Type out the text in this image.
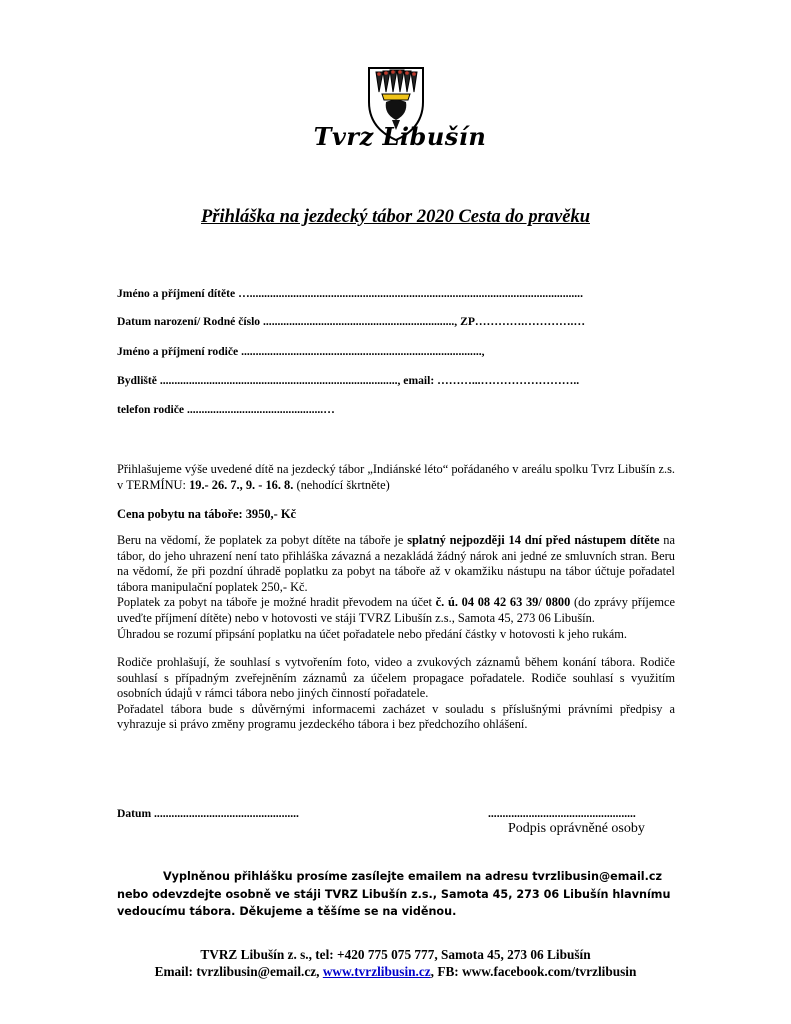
Tvrz Libušín
Přihláška na jezdecký tábor 2020 Cesta do pravěku
Jméno a příjmení dítěte …...................................................................................................................
Datum narození/ Rodné číslo .................................................................., ZP………….………….…
Jméno a příjmení rodiče ...................................................................................,
Bydliště .................................................................................., email: ………...……………………..
telefon rodiče ...............................................…
Přihlašujeme výše uvedené dítě na jezdecký tábor „Indiánské léto“ pořádaného v areálu spolku Tvrz Libušín z.s. v TERMÍNU: 19.- 26. 7., 9. - 16. 8. (nehodící škrtněte)
Cena pobytu na táboře: 3950,- Kč

Beru na vědomí, že poplatek za pobyt dítěte na táboře je splatný nejpozději 14 dní před nástupem dítěte na tábor, do jeho uhrazení není tato přihláška závazná a nezakládá žádný nárok ani jedné ze smluvních stran. Beru na vědomí, že při pozdní úhradě poplatku za pobyt na táboře až v okamžiku nástupu na tábor účtuje pořadatel tábora manipulační poplatek 250,- Kč.

Poplatek za pobyt na táboře je možné hradit převodem na účet č. ú. 04 08 42 63 39/ 0800 (do zprávy příjemce uveďte příjmení dítěte) nebo v hotovosti ve stáji TVRZ Libušín z.s., Samota 45, 273 06 Libušín.

Úhradou se rozumí připsání poplatku na účet pořadatele nebo předání částky v hotovosti k jeho rukám.

Rodiče prohlašují, že souhlasí s vytvořením foto, video a zvukových záznamů během konání tábora. Rodiče souhlasí s případným zveřejněním záznamů za účelem propagace pořadatele. Rodiče souhlasí s využitím osobních údajů v rámci tábora nebo jiných činností pořadatele.

Pořadatel tábora bude s důvěrnými informacemi zacházet v souladu s příslušnými právními předpisy a vyhrazuje si právo změny programu jezdeckého tábora i bez předchozího ohlášení.

Datum ..................................................	...................................................
Podpis oprávněné osoby
Vyplněnou přihlášku prosíme zasílejte emailem na adresu tvrzlibusin@email.cz nebo odevzdejte osobně ve stáji TVRZ Libušín z.s., Samota 45, 273 06 Libušín hlavnímu vedoucímu tábora. Děkujeme a těšíme se na viděnou.
TVRZ Libušín z. s., tel: +420 775 075 777, Samota 45, 273 06 Libušín
Email: tvrzlibusin@email.cz, www.tvrzlibusin.cz, FB: www.facebook.com/tvrzlibusin
